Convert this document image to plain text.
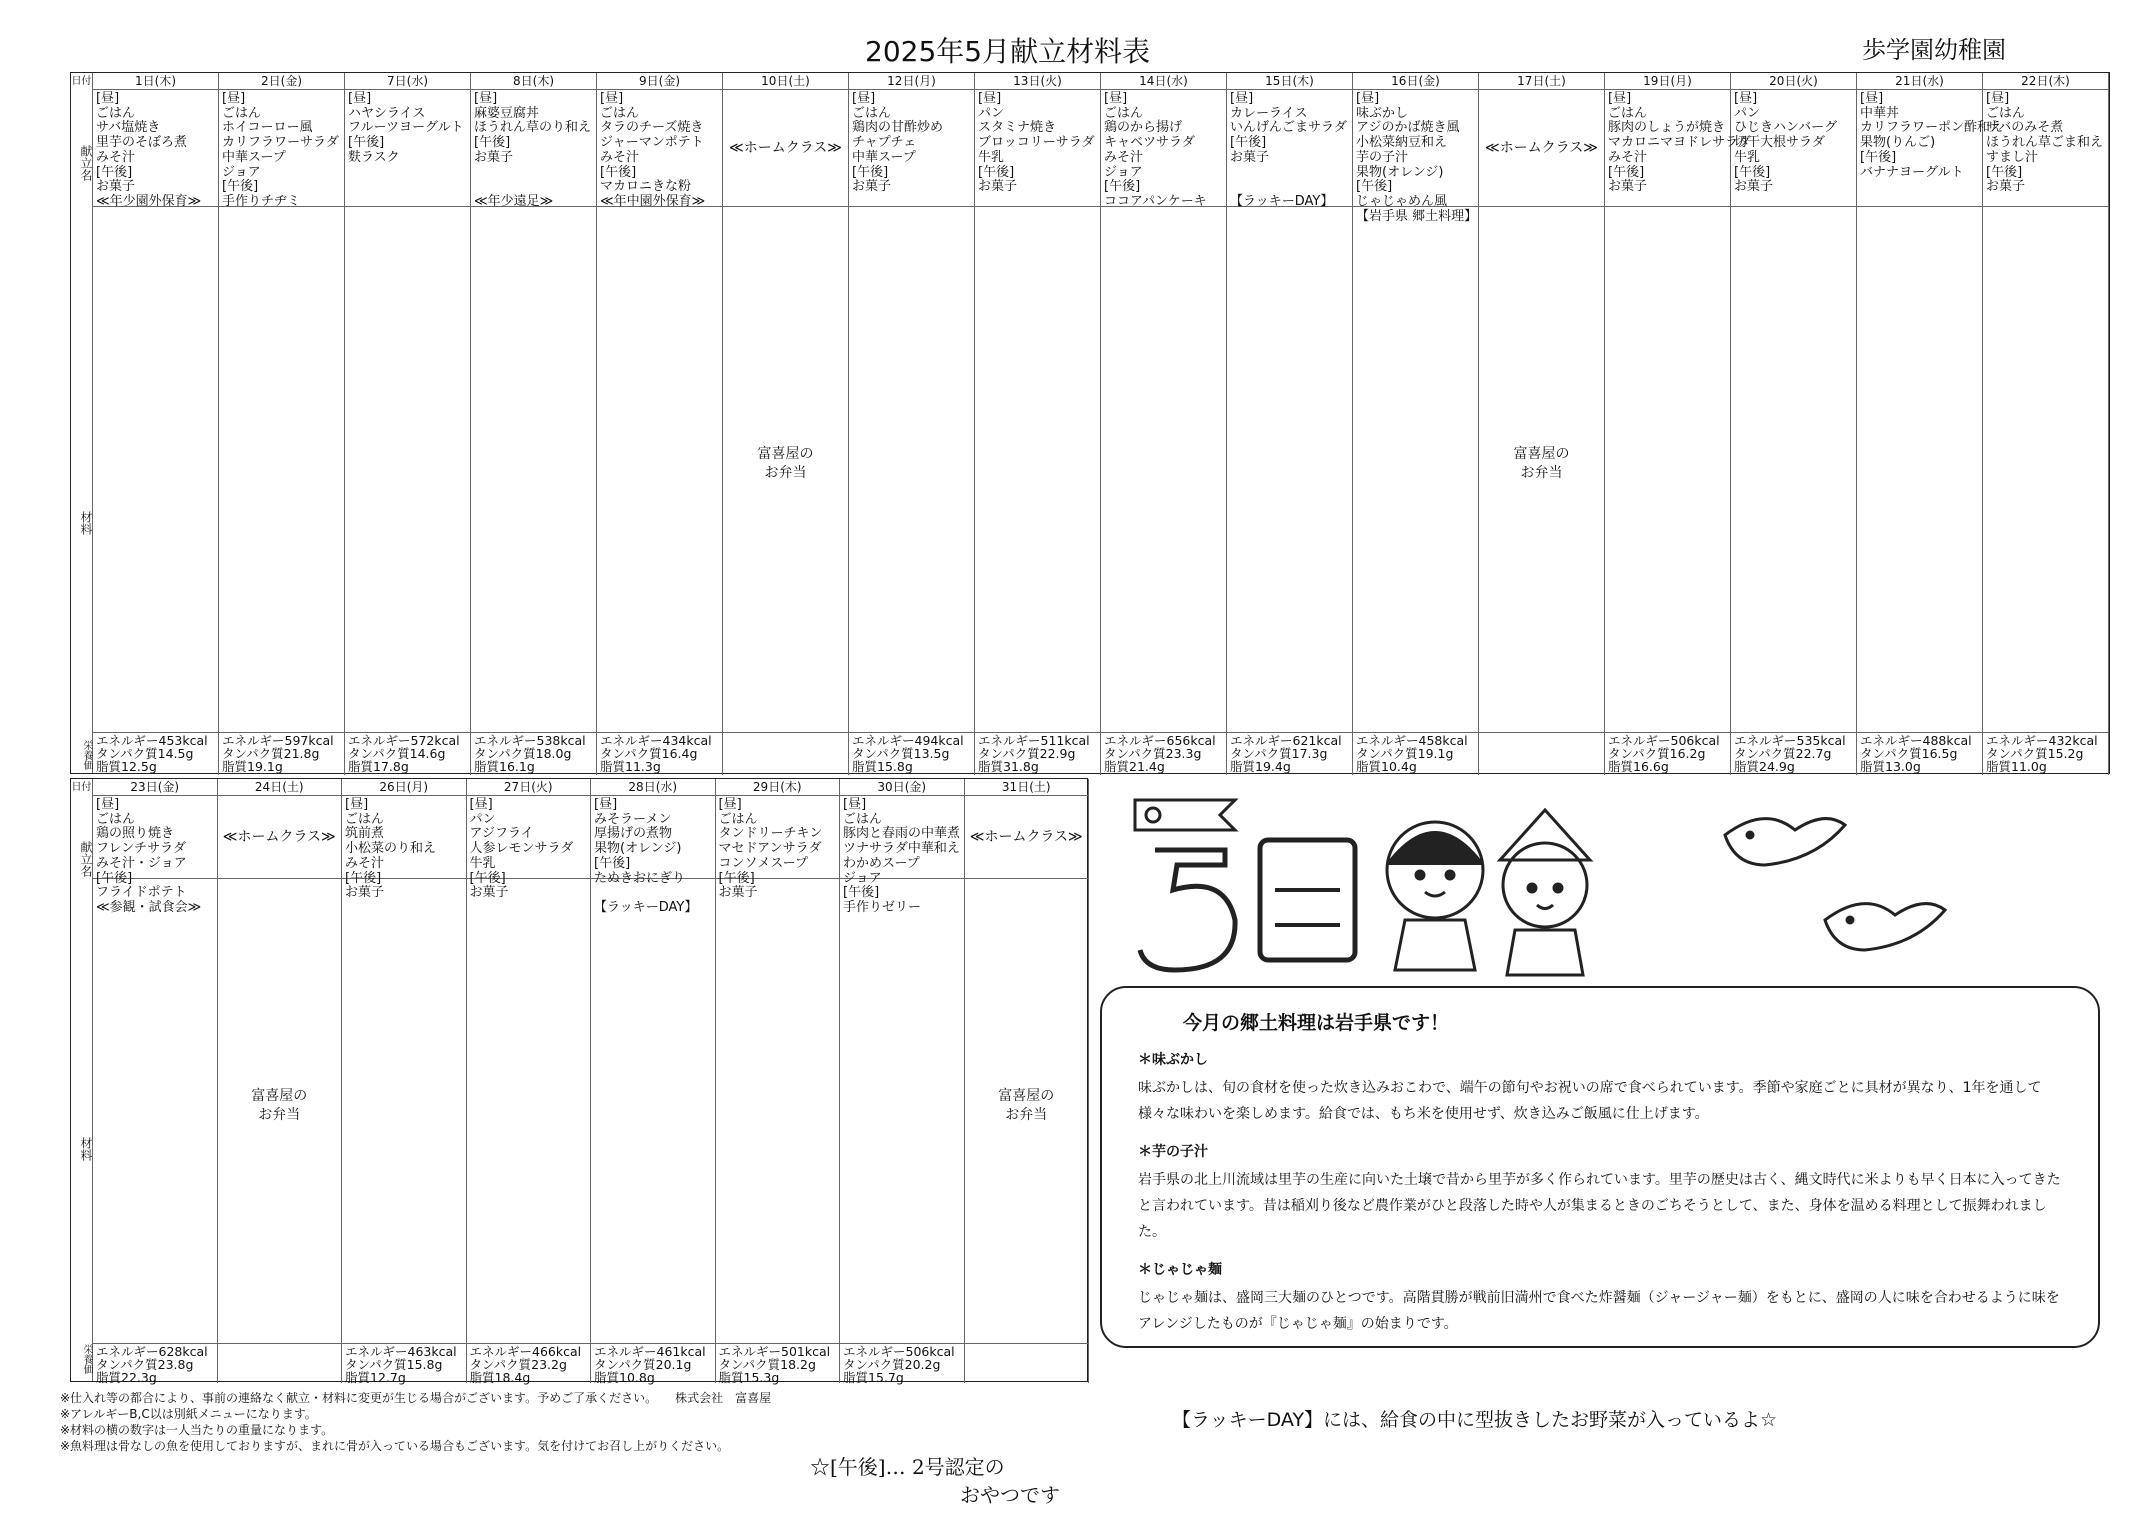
2025年5月献立材料表	歩学園幼稚園
日付
献立名
材料
栄養価
1日(木)
[昼]
ごはん
サバ塩焼き
里芋のそぼろ煮
みそ汁
[午後]
お菓子
≪年少園外保育≫
エネルギー453kcal
タンパク質14.5g
脂質12.5g
2日(金)
[昼]
ごはん
ホイコーロー風
カリフラワーサラダ
中華スープ
ジョア
[午後]
手作りチヂミ
エネルギー597kcal
タンパク質21.8g
脂質19.1g
7日(水)
[昼]
ハヤシライス
フルーツヨーグルト
[午後]
麩ラスク
エネルギー572kcal
タンパク質14.6g
脂質17.8g
8日(木)
[昼]
麻婆豆腐丼
ほうれん草のり和え
[午後]
お菓子
≪年少遠足≫
エネルギー538kcal
タンパク質18.0g
脂質16.1g
9日(金)
[昼]
ごはん
タラのチーズ焼き
ジャーマンポテト
みそ汁
[午後]
マカロニきな粉
≪年中園外保育≫
エネルギー434kcal
タンパク質16.4g
脂質11.3g
10日(土)
≪ホームクラス≫
富喜屋の
お弁当
12日(月)
[昼]
ごはん
鶏肉の甘酢炒め
チャプチェ
中華スープ
[午後]
お菓子
エネルギー494kcal
タンパク質13.5g
脂質15.8g
13日(火)
[昼]
パン
スタミナ焼き
ブロッコリーサラダ
牛乳
[午後]
お菓子
エネルギー511kcal
タンパク質22.9g
脂質31.8g
14日(水)
[昼]
ごはん
鶏のから揚げ
キャベツサラダ
みそ汁
ジョア
[午後]
ココアパンケーキ
エネルギー656kcal
タンパク質23.3g
脂質21.4g
15日(木)
[昼]
カレーライス
いんげんごまサラダ
[午後]
お菓子
【ラッキーDAY】
エネルギー621kcal
タンパク質17.3g
脂質19.4g
16日(金)
[昼]
味ぶかし
アジのかば焼き風
小松菜納豆和え
芋の子汁
果物(オレンジ)
[午後]
じゃじゃめん風
【岩手県 郷土料理】
エネルギー458kcal
タンパク質19.1g
脂質10.4g
17日(土)
≪ホームクラス≫
富喜屋の
お弁当
19日(月)
[昼]
ごはん
豚肉のしょうが焼き
マカロニマヨドレサラダ
みそ汁
[午後]
お菓子
エネルギー506kcal
タンパク質16.2g
脂質16.6g
20日(火)
[昼]
パン
ひじきハンバーグ
切干大根サラダ
牛乳
[午後]
お菓子
エネルギー535kcal
タンパク質22.7g
脂質24.9g
21日(水)
[昼]
中華丼
カリフラワーポン酢和え
果物(りんご)
[午後]
バナナヨーグルト
エネルギー488kcal
タンパク質16.5g
脂質13.0g
22日(木)
[昼]
ごはん
サバのみそ煮
ほうれん草ごま和え
すまし汁
[午後]
お菓子
エネルギー432kcal
タンパク質15.2g
脂質11.0g
日付
献立名
材料
栄養価
23日(金)
[昼]
ごはん
鶏の照り焼き
フレンチサラダ
みそ汁・ジョア
[午後]
フライドポテト
≪参観・試食会≫
エネルギー628kcal
タンパク質23.8g
脂質22.3g
24日(土)
≪ホームクラス≫
富喜屋の
お弁当
26日(月)
[昼]
ごはん
筑前煮
小松菜のり和え
みそ汁
[午後]
お菓子
エネルギー463kcal
タンパク質15.8g
脂質12.7g
27日(火)
[昼]
パン
アジフライ
人参レモンサラダ
牛乳
[午後]
お菓子
エネルギー466kcal
タンパク質23.2g
脂質18.4g
28日(水)
[昼]
みそラーメン
厚揚げの煮物
果物(オレンジ)
[午後]
たぬきおにぎり
【ラッキーDAY】
エネルギー461kcal
タンパク質20.1g
脂質10.8g
29日(木)
[昼]
ごはん
タンドリーチキン
マセドアンサラダ
コンソメスープ
[午後]
お菓子
エネルギー501kcal
タンパク質18.2g
脂質15.3g
30日(金)
[昼]
ごはん
豚肉と春雨の中華煮
ツナサラダ中華和え
わかめスープ
ジョア
[午後]
手作りゼリー
エネルギー506kcal
タンパク質20.2g
脂質15.7g
31日(土)
≪ホームクラス≫
富喜屋の
お弁当
5月
今月の郷土料理は岩手県です！
＊味ぶかし

味ぶかしは、旬の食材を使った炊き込みおこわで、端午の節句やお祝いの席で食べられています。季節や家庭ごとに具材が異なり、1年を通して様々な味わいを楽しめます。給食では、もち米を使用せず、炊き込みご飯風に仕上げます。

＊芋の子汁

岩手県の北上川流域は里芋の生産に向いた土壌で昔から里芋が多く作られています。里芋の歴史は古く、縄文時代に米よりも早く日本に入ってきたと言われています。昔は稲刈り後など農作業がひと段落した時や人が集まるときのごちそうとして、また、身体を温める料理として振舞われました。

＊じゃじゃ麺

じゃじゃ麺は、盛岡三大麺のひとつです。高階貫勝が戦前旧満州で食べた炸醤麺（ジャージャー麺）をもとに、盛岡の人に味を合わせるように味をアレンジしたものが『じゃじゃ麺』の始まりです。

※仕入れ等の都合により、事前の連絡なく献立・材料に変更が生じる場合がございます。予めご了承ください。　　株式会社　富喜屋
※アレルギーB,C以は別紙メニューになります。
※材料の横の数字は一人当たりの重量になります。
※魚料理は骨なしの魚を使用しておりますが、まれに骨が入っている場合もございます。気を付けてお召し上がりください。
☆[午後]… 2号認定の
おやつです
【ラッキーDAY】には、給食の中に型抜きしたお野菜が入っているよ☆
